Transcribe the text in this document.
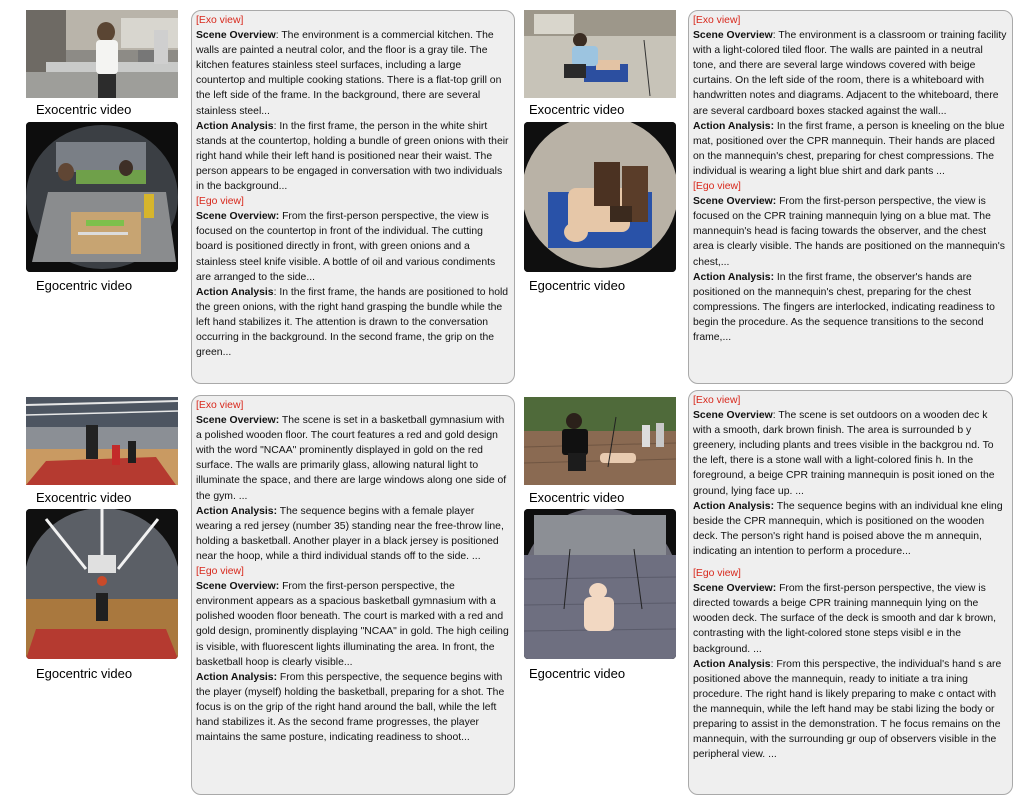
Exocentric video
Egocentric video

[Exo view]

Scene Overview: The environment is a commercial kitchen. The walls are painted a neutral color, and the floor is a gray tile. The kitchen features stainless steel surfaces, including a large countertop and multiple cooking stations. There is a flat-top grill on the left side of the frame. In the background, there are several stainless steel...

Action Analysis: In the first frame, the person in the white shirt stands at the countertop, holding a bundle of green onions with their right hand while their left hand is positioned near their waist. The person appears to be engaged in conversation with two individuals in the background...

[Ego view]

Scene Overview: From the first-person perspective, the view is focused on the countertop in front of the individual. The cutting board is positioned directly in front, with green onions and a stainless steel knife visible. A bottle of oil and various condiments are arranged to the side...

Action Analysis: In the first frame, the hands are positioned to hold the green onions, with the right hand grasping the bundle while the left hand stabilizes it. The attention is drawn to the conversation occurring in the background. In the second frame, the grip on the green...

Exocentric video
Egocentric video

[Exo view]

Scene Overview: The environment is a classroom or training facility with a light-colored tiled floor. The walls are painted in a neutral tone, and there are several large windows covered with beige curtains. On the left side of the room, there is a whiteboard with handwritten notes and diagrams. Adjacent to the whiteboard, there are several cardboard boxes stacked against the wall...

Action Analysis: In the first frame, a person is kneeling on the blue mat, positioned over the CPR mannequin. Their hands are placed on the mannequin's chest, preparing for chest compressions. The individual is wearing a light blue shirt and dark pants ...

[Ego view]

Scene Overview: From the first-person perspective, the view is focused on the CPR training mannequin lying on a blue mat. The mannequin's head is facing towards the observer, and the chest area is clearly visible. The hands are positioned on the mannequin's chest,...

Action Analysis: In the first frame, the observer's hands are positioned on the mannequin's chest, preparing for the chest compressions. The fingers are interlocked, indicating readiness to begin the procedure. As the sequence transitions to the second frame,...

Exocentric video
Egocentric video

[Exo view]

Scene Overview: The scene is set in a basketball gymnasium with a polished wooden floor. The court features a red and gold design with the word "NCAA" prominently displayed in gold on the red surface. The walls are primarily glass, allowing natural light to illuminate the space, and there are large windows along one side of the gym. ...

Action Analysis: The sequence begins with a female player wearing a red jersey (number 35) standing near the free-throw line, holding a basketball. Another player in a black jersey is positioned near the hoop, while a third individual stands off to the side. ...

[Ego view]

Scene Overview: From the first-person perspective, the environment appears as a spacious basketball gymnasium with a polished wooden floor beneath. The court is marked with a red and gold design, prominently displaying "NCAA" in gold. The high ceiling is visible, with fluorescent lights illuminating the area. In front, the basketball hoop is clearly visible...

Action Analysis: From this perspective, the sequence begins with the player (myself) holding the basketball, preparing for a shot. The focus is on the grip of the right hand around the ball, while the left hand stabilizes it. As the second frame progresses, the player maintains the same posture, indicating readiness to shoot...

Exocentric video
Egocentric video

[Exo view]

Scene Overview: The scene is set outdoors on a wooden dec k with a smooth, dark brown finish. The area is surrounded b y greenery, including plants and trees visible in the backgrou nd. To the left, there is a stone wall with a light-colored finis h. In the foreground, a beige CPR training mannequin is posit ioned on the ground, lying face up. ...

Action Analysis: The sequence begins with an individual kne eling beside the CPR mannequin, which is positioned on the wooden deck. The person's right hand is poised above the m annequin, indicating an intention to perform a procedure...

[Ego view]

Scene Overview: From the first-person perspective, the view is directed towards a beige CPR training mannequin lying on the wooden deck. The surface of the deck is smooth and dar k brown, contrasting with the light-colored stone steps visibl e in the background. ...

Action Analysis: From this perspective, the individual's hand s are positioned above the mannequin, ready to initiate a tra ining procedure. The right hand is likely preparing to make c ontact with the mannequin, while the left hand may be stabi lizing the body or preparing to assist in the demonstration. T he focus remains on the mannequin, with the surrounding gr oup of observers visible in the peripheral view. ...
